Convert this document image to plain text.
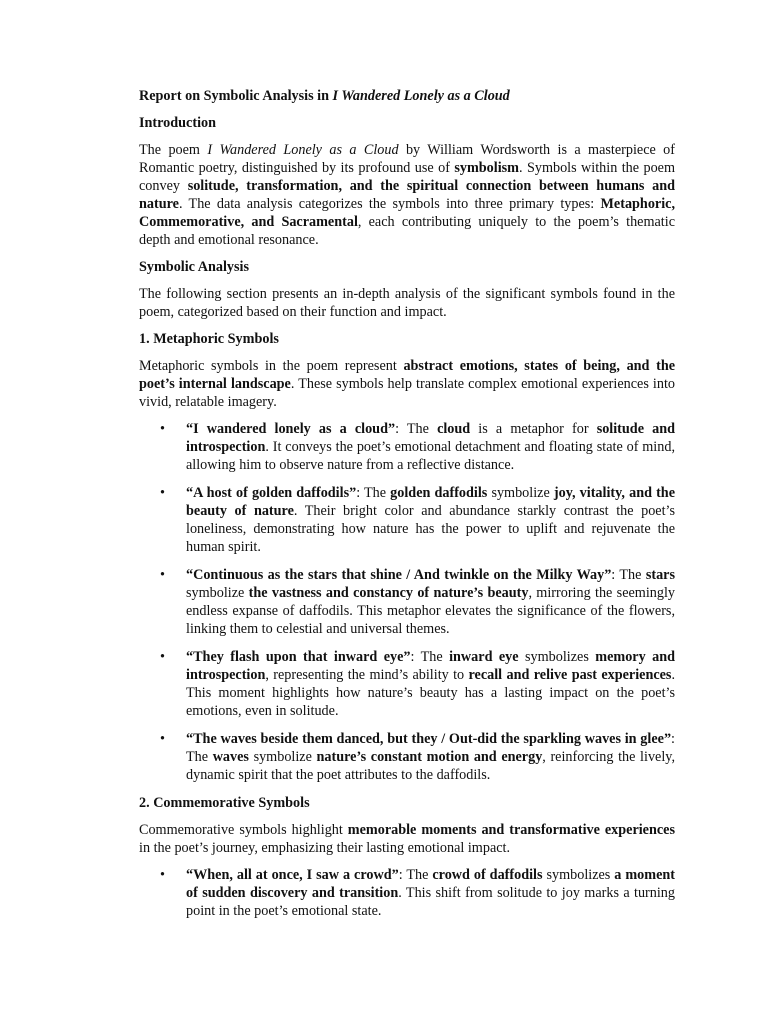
Report on Symbolic Analysis in I Wandered Lonely as a Cloud
Introduction

The poem I Wandered Lonely as a Cloud by William Wordsworth is a masterpiece of Romantic poetry, distinguished by its profound use of symbolism. Symbols within the poem convey solitude, transformation, and the spiritual connection between humans and nature. The data analysis categorizes the symbols into three primary types: Metaphoric, Commemorative, and Sacramental, each contributing uniquely to the poem’s thematic depth and emotional resonance.

Symbolic Analysis

The following section presents an in-depth analysis of the significant symbols found in the poem, categorized based on their function and impact.

1. Metaphoric Symbols

Metaphoric symbols in the poem represent abstract emotions, states of being, and the poet’s internal landscape. These symbols help translate complex emotional experiences into vivid, relatable imagery.

• “I wandered lonely as a cloud”: The cloud is a metaphor for solitude and introspection. It conveys the poet’s emotional detachment and floating state of mind, allowing him to observe nature from a reflective distance.
• “A host of golden daffodils”: The golden daffodils symbolize joy, vitality, and the beauty of nature. Their bright color and abundance starkly contrast the poet’s loneliness, demonstrating how nature has the power to uplift and rejuvenate the human spirit.
• “Continuous as the stars that shine / And twinkle on the Milky Way”: The stars symbolize the vastness and constancy of nature’s beauty, mirroring the seemingly endless expanse of daffodils. This metaphor elevates the significance of the flowers, linking them to celestial and universal themes.
• “They flash upon that inward eye”: The inward eye symbolizes memory and introspection, representing the mind’s ability to recall and relive past experiences. This moment highlights how nature’s beauty has a lasting impact on the poet’s emotions, even in solitude.
• “The waves beside them danced, but they / Out-did the sparkling waves in glee”: The waves symbolize nature’s constant motion and energy, reinforcing the lively, dynamic spirit that the poet attributes to the daffodils.
2. Commemorative Symbols

Commemorative symbols highlight memorable moments and transformative experiences in the poet’s journey, emphasizing their lasting emotional impact.

• “When, all at once, I saw a crowd”: The crowd of daffodils symbolizes a moment of sudden discovery and transition. This shift from solitude to joy marks a turning point in the poet’s emotional state.
